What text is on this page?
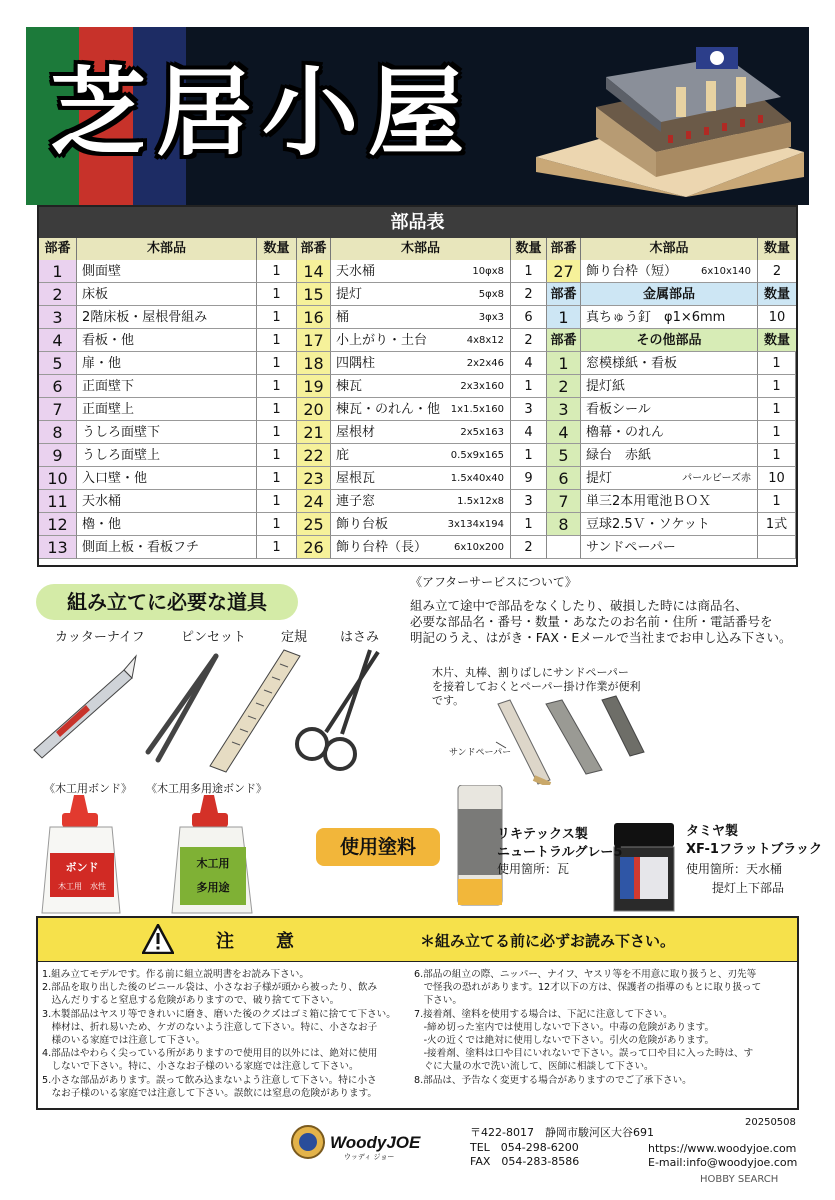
芝居小屋
部品表
部番	木部品	数量 部番	木部品	数量 部番	木部品	数量
1	側面壁	1
2	床板	1
3	2階床板・屋根骨組み	1
4	看板・他	1
5	扉・他	1
6	正面壁下	1
7	正面壁上	1
8	うしろ面壁下	1
9	うしろ面壁上	1
10	入口壁・他	1
11	天水桶	1
12	櫓・他	1
13	側面上板・看板フチ	1
14 天水桶	10φx8	1
15 提灯	5φx8	2
16 桶	3φx3	6
17 小上がり・土台	4x8x12	2
18 四隅柱	2x2x46	4
19 棟瓦	2x3x160	1
20 棟瓦・のれん・他 1x1.5x160	3
21 屋根材	2x5x163	4
22 庇	0.5x9x165	1
23 屋根瓦	1.5x40x40	9
24 連子窓	1.5x12x8	3
25 飾り台板	3x134x194	1
26 飾り台枠（長）	6x10x200	2
27 飾り台枠（短） 6x10x140	2
部番	金属部品	数量
1	真ちゅう釘　φ1×6mm	10
部番	その他部品	数量
1	窓模様紙・看板	1
2	提灯紙	1
3	看板シール	1
4	櫓幕・のれん	1
5	緑台　赤紙	1
6	提灯	パールビーズ赤	10
7	単三2本用電池ＢＯＸ	1
8	豆球2.5Ｖ・ソケット	1式
サンドペーパー
組み立てに必要な道具
カッターナイフ	ピンセット	定規	はさみ
《木工用ボンド》 《木工用多用途ボンド》
ボンド
木工用 水性
木工用
多用途
《アフターサービスについて》
組み立て途中で部品をなくしたり、破損した時には商品名、
必要な部品名・番号・数量・あなたのお名前・住所・電話番号を
明記のうえ、はがき・FAX・Eメールで当社までお申し込み下さい。
木片、丸棒、割りばしにサンドペーパー
を接着しておくとペーパー掛け作業が便利
です。
サンドペーパー
使用塗料
リキテックス製
ニュートラルグレー5
使用箇所：瓦
タミヤ製
XF-1フラットブラック
使用箇所：天水桶
提灯上下部品
注意	＊組み立てる前に必ずお読み下さい。
1.組み立てモデルです。作る前に組立説明書をお読み下さい。
2.部品を取り出した後のビニール袋は、小さなお子様が頭から被ったり、飲み
　込んだりすると窒息する危険がありますので、破り捨てて下さい。
3.木製部品はヤスリ等できれいに磨き、磨いた後のクズはゴミ箱に捨てて下さい。
　棒材は、折れ易いため、ケガのないよう注意して下さい。特に、小さなお子
　様のいる家庭では注意して下さい。
4.部品はやわらく尖っている所がありますので使用目的以外には、絶対に使用
　しないで下さい。特に、小さなお子様のいる家庭では注意して下さい。
5.小さな部品があります。誤って飲み込まないよう注意して下さい。特に小さ
　なお子様のいる家庭では注意して下さい。誤飲には窒息の危険があります。
6.部品の組立の際、ニッパー、ナイフ、ヤスリ等を不用意に取り扱うと、刃先等
　で怪我の恐れがあります。12才以下の方は、保護者の指導のもとに取り扱って
　下さい。
7.接着剤、塗料を使用する場合は、下記に注意して下さい。
　-締め切った室内では使用しないで下さい。中毒の危険があります。
　-火の近くでは絶対に使用しないで下さい。引火の危険があります。
　-接着剤、塗料は口や目にいれないで下さい。誤って口や目に入った時は、す
　ぐに大量の水で洗い流して、医師に相談して下さい。
8.部品は、予告なく変更する場合がありますのでご了承下さい。
20250508
WoodyJOE
ウッディ ジョー
〒422-8017　静岡市駿河区大谷691
TEL　054-298-6200
FAX　054-283-8586
https://www.woodyjoe.com
E-mail:info@woodyjoe.com
HOBBY SEARCH
